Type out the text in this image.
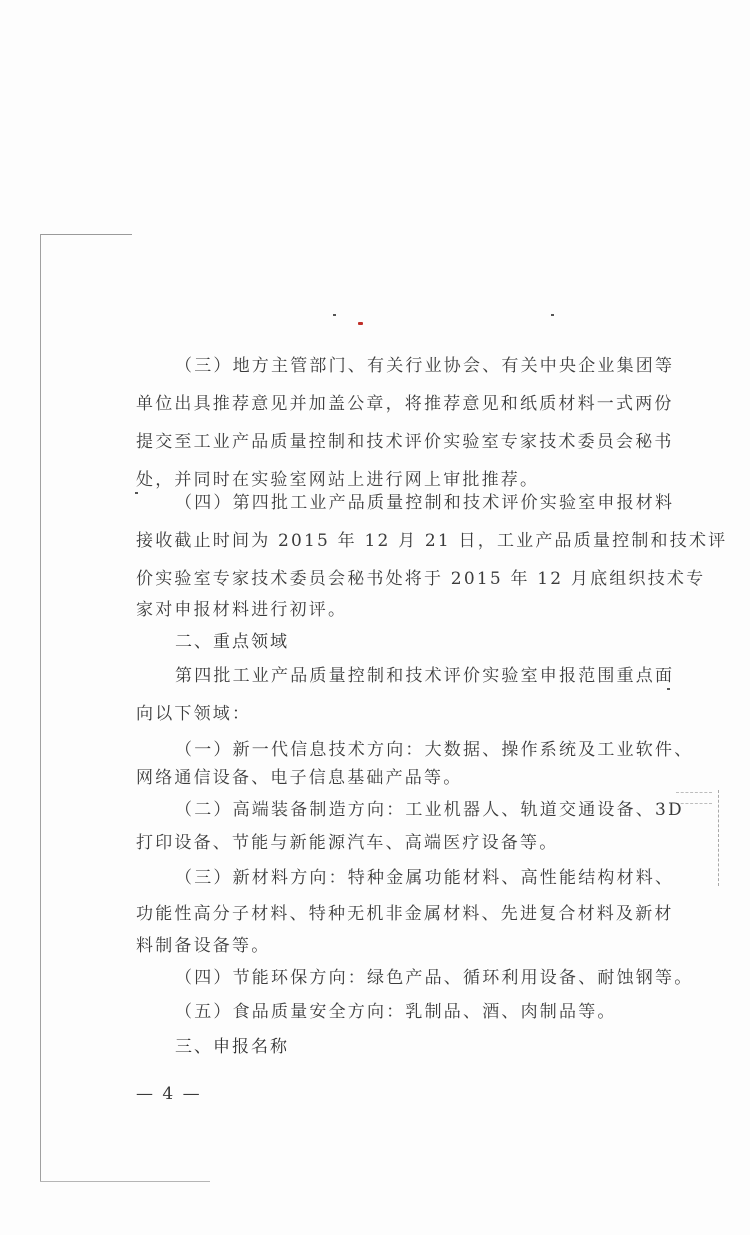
（三）地方主管部门、有关行业协会、有关中央企业集团等
单位出具推荐意见并加盖公章，将推荐意见和纸质材料一式两份
提交至工业产品质量控制和技术评价实验室专家技术委员会秘书
处，并同时在实验室网站上进行网上审批推荐。
（四）第四批工业产品质量控制和技术评价实验室申报材料
接收截止时间为 2015 年 12 月 21 日，工业产品质量控制和技术评
价实验室专家技术委员会秘书处将于 2015 年 12 月底组织技术专
家对申报材料进行初评。
二、重点领域
第四批工业产品质量控制和技术评价实验室申报范围重点面
向以下领域：
（一）新一代信息技术方向：大数据、操作系统及工业软件、
网络通信设备、电子信息基础产品等。
（二）高端装备制造方向：工业机器人、轨道交通设备、3D
打印设备、节能与新能源汽车、高端医疗设备等。
（三）新材料方向：特种金属功能材料、高性能结构材料、
功能性高分子材料、特种无机非金属材料、先进复合材料及新材
料制备设备等。
（四）节能环保方向：绿色产品、循环利用设备、耐蚀钢等。
（五）食品质量安全方向：乳制品、酒、肉制品等。
三、申报名称
— 4 —
